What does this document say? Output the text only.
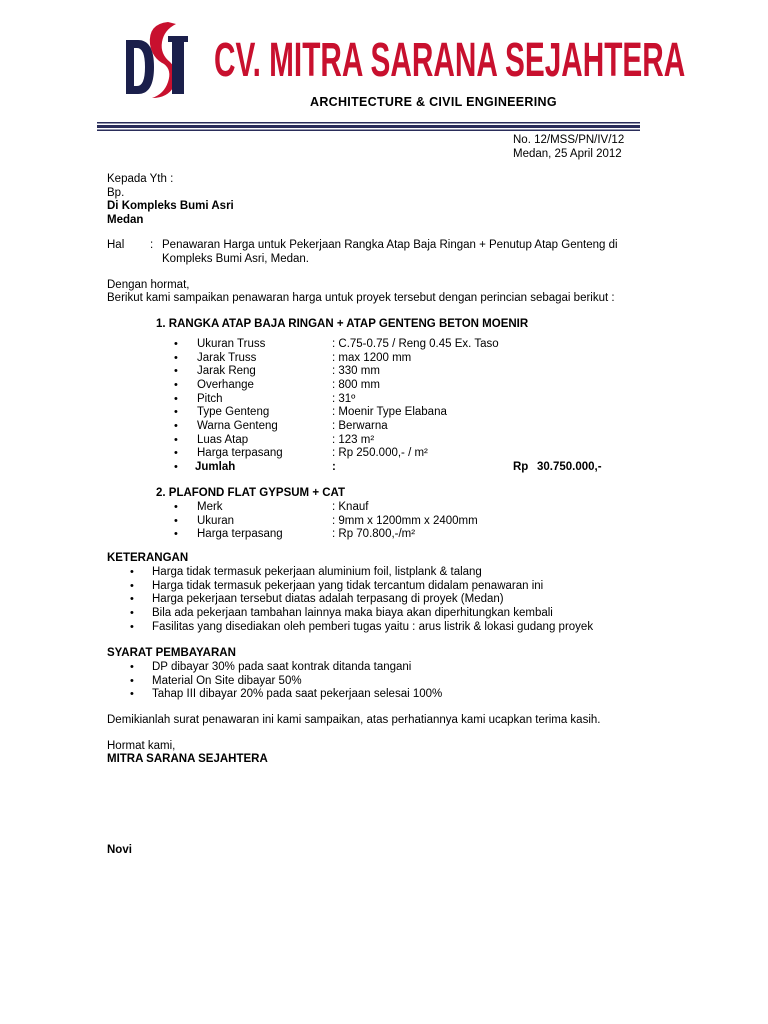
CV. MITRA SARANA SEJAHTERA
ARCHITECTURE & CIVIL ENGINEERING
No. 12/MSS/PN/IV/12
Medan, 25 April 2012
Kepada Yth :
Bp.
Di Kompleks Bumi Asri
Medan
Hal : Penawaran Harga untuk Pekerjaan Rangka Atap Baja Ringan + Penutup Atap Genteng di
Kompleks Bumi Asri, Medan.
Dengan hormat,
Berikut kami sampaikan penawaran harga untuk proyek tersebut dengan perincian sebagai berikut :
1. RANGKA ATAP BAJA RINGAN + ATAP GENTENG BETON MOENIR
• Ukuran Truss	: C.75-0.75 / Reng 0.45 Ex. Taso
• Jarak Truss	: max 1200 mm
• Jarak Reng	: 330 mm
• Overhange	: 800 mm
• Pitch	: 31º
• Type Genteng	: Moenir Type Elabana
• Warna Genteng	: Berwarna
• Luas Atap	: 123 m²
• Harga terpasang	: Rp 250.000,- / m²
• Jumlah	:	Rp 30.750.000,-
2. PLAFOND FLAT GYPSUM + CAT
• Merk	: Knauf
• Ukuran	: 9mm x 1200mm x 2400mm
• Harga terpasang	: Rp 70.800,-/m²
KETERANGAN
• Harga tidak termasuk pekerjaan aluminium foil, listplank & talang
• Harga tidak termasuk pekerjaan yang tidak tercantum didalam penawaran ini
• Harga pekerjaan tersebut diatas adalah terpasang di proyek (Medan)
• Bila ada pekerjaan tambahan lainnya maka biaya akan diperhitungkan kembali
• Fasilitas yang disediakan oleh pemberi tugas yaitu : arus listrik & lokasi gudang proyek
SYARAT PEMBAYARAN
• DP dibayar 30% pada saat kontrak ditanda tangani
• Material On Site dibayar 50%
• Tahap III dibayar 20% pada saat pekerjaan selesai 100%
Demikianlah surat penawaran ini kami sampaikan, atas perhatiannya kami ucapkan terima kasih.
Hormat kami,
MITRA SARANA SEJAHTERA
Novi
